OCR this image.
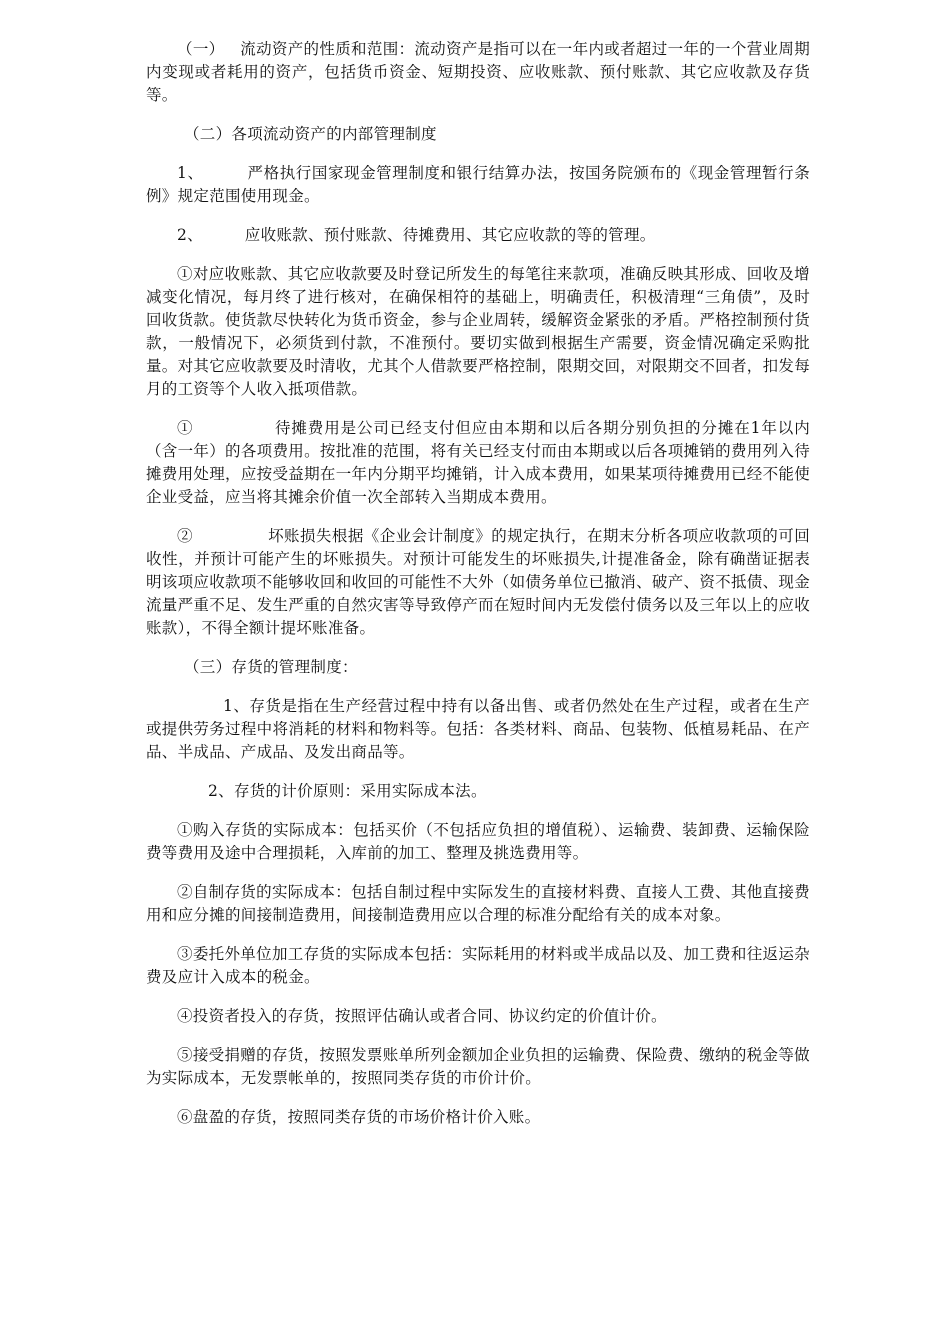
（一）   流动资产的性质和范围：流动资产是指可以在一年内或者超过一年的一个营业周期内变现或者耗用的资产，包括货币资金、短期投资、应收账款、预付账款、其它应收款及存货等。

（二）各项流动资产的内部管理制度

1、        严格执行国家现金管理制度和银行结算办法，按国务院颁布的《现金管理暂行条例》规定范围使用现金。

2、        应收账款、预付账款、待摊费用、其它应收款的等的管理。

①对应收账款、其它应收款要及时登记所发生的每笔往来款项，准确反映其形成、回收及增减变化情况，每月终了进行核对，在确保相符的基础上，明确责任，积极清理“三角债”，及时回收货款。使货款尽快转化为货币资金，参与企业周转，缓解资金紧张的矛盾。严格控制预付货款，一般情况下，必须货到付款，不准预付。要切实做到根据生产需要，资金情况确定采购批量。对其它应收款要及时清收，尤其个人借款要严格控制，限期交回，对限期交不回者，扣发每月的工资等个人收入抵项借款。

①              待摊费用是公司已经支付但应由本期和以后各期分别负担的分摊在1年以内（含一年）的各项费用。按批准的范围，将有关已经支付而由本期或以后各项摊销的费用列入待摊费用处理，应按受益期在一年内分期平均摊销，计入成本费用，如果某项待摊费用已经不能使企业受益，应当将其摊余价值一次全部转入当期成本费用。

②              坏账损失根据《企业会计制度》的规定执行，在期末分析各项应收款项的可回收性，并预计可能产生的坏账损失。对预计可能发生的坏账损失,计提准备金，除有确凿证据表明该项应收款项不能够收回和收回的可能性不大外（如债务单位已撤消、破产、资不抵债、现金流量严重不足、发生严重的自然灾害等导致停产而在短时间内无发偿付债务以及三年以上的应收账款），不得全额计提坏账准备。

（三）存货的管理制度：

1、存货是指在生产经营过程中持有以备出售、或者仍然处在生产过程，或者在生产或提供劳务过程中将消耗的材料和物料等。包括：各类材料、商品、包装物、低植易耗品、在产品、半成品、产成品、及发出商品等。

2、存货的计价原则：采用实际成本法。

①购入存货的实际成本：包括买价（不包括应负担的增值税）、运输费、装卸费、运输保险费等费用及途中合理损耗，入库前的加工、整理及挑选费用等。

②自制存货的实际成本：包括自制过程中实际发生的直接材料费、直接人工费、其他直接费用和应分摊的间接制造费用，间接制造费用应以合理的标准分配给有关的成本对象。

③委托外单位加工存货的实际成本包括：实际耗用的材料或半成品以及、加工费和往返运杂费及应计入成本的税金。

④投资者投入的存货，按照评估确认或者合同、协议约定的价值计价。

⑤接受捐赠的存货，按照发票账单所列金额加企业负担的运输费、保险费、缴纳的税金等做为实际成本，无发票帐单的，按照同类存货的市价计价。

⑥盘盈的存货，按照同类存货的市场价格计价入账。
